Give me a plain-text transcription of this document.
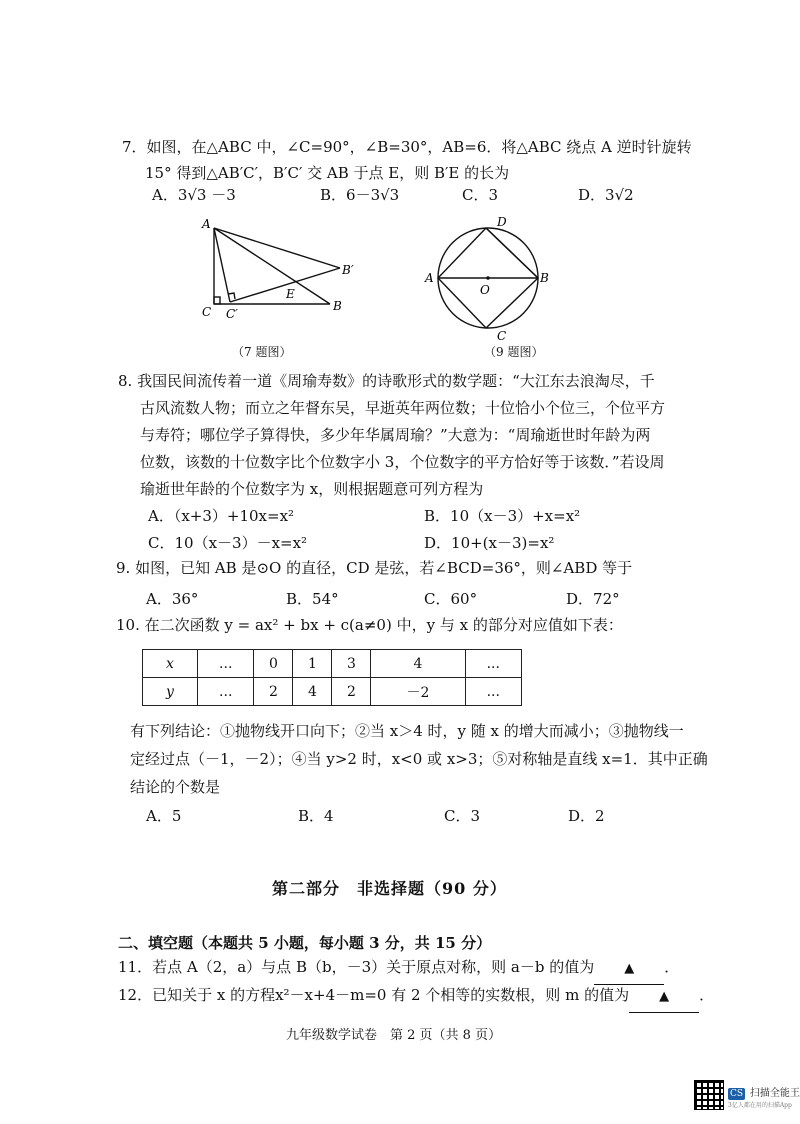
7．如图，在△ABC 中，∠C=90°，∠B=30°，AB=6．将△ABC 绕点 A 逆时针旋转
15° 得到△AB′C′，B′C′ 交 AB 于点 E，则 B′E 的长为
A．3√3 －3	B．6－3√3	C．3	D．3√2
A
C C′
B
B′
E
（7 题图）
A	B
D
C
O
（9 题图）
8. 我国民间流传着一道《周瑜寿数》的诗歌形式的数学题：“大江东去浪淘尽，千
古风流数人物；而立之年督东吴，早逝英年两位数；十位恰小个位三，个位平方
与寿符；哪位学子算得快，多少年华属周瑜？”大意为：“周瑜逝世时年龄为两
位数，该数的十位数字比个位数字小 3，个位数字的平方恰好等于该数．”若设周
瑜逝世年龄的个位数字为 x，则根据题意可列方程为
A．（x+3）+10x=x²	B．10（x－3）+x=x²
C．10（x－3）－x=x²	D．10+(x－3)=x²
9. 如图，已知 AB 是⊙O 的直径，CD 是弦，若∠BCD=36°，则∠ABD 等于
A．36°	B．54°	C．60°	D．72°
10. 在二次函数 y = ax² + bx + c(a≠0) 中，y 与 x 的部分对应值如下表：
x	...	0	1	3	4	...
y	...	2	4	2	－2	...
有下列结论：①抛物线开口向下；②当 x＞4 时，y 随 x 的增大而减小；③抛物线一
定经过点（－1，－2）；④当 y>2 时，x<0 或 x>3；⑤对称轴是直线 x=1．其中正确
结论的个数是
A．5	B．4	C．3	D．2
第二部分　非选择题（90 分）
二、填空题（本题共 5 小题，每小题 3 分，共 15 分）
11．若点 A（2，a）与点 B（b，－3）关于原点对称，则 a－b 的值为 ▲ ．
12．已知关于 x 的方程x²－x+4－m=0 有 2 个相等的实数根，则 m 的值为 ▲ ．
九年级数学试卷　第 2 页（共 8 页）
CS 扫描全能王
3亿人都在用的扫描App
